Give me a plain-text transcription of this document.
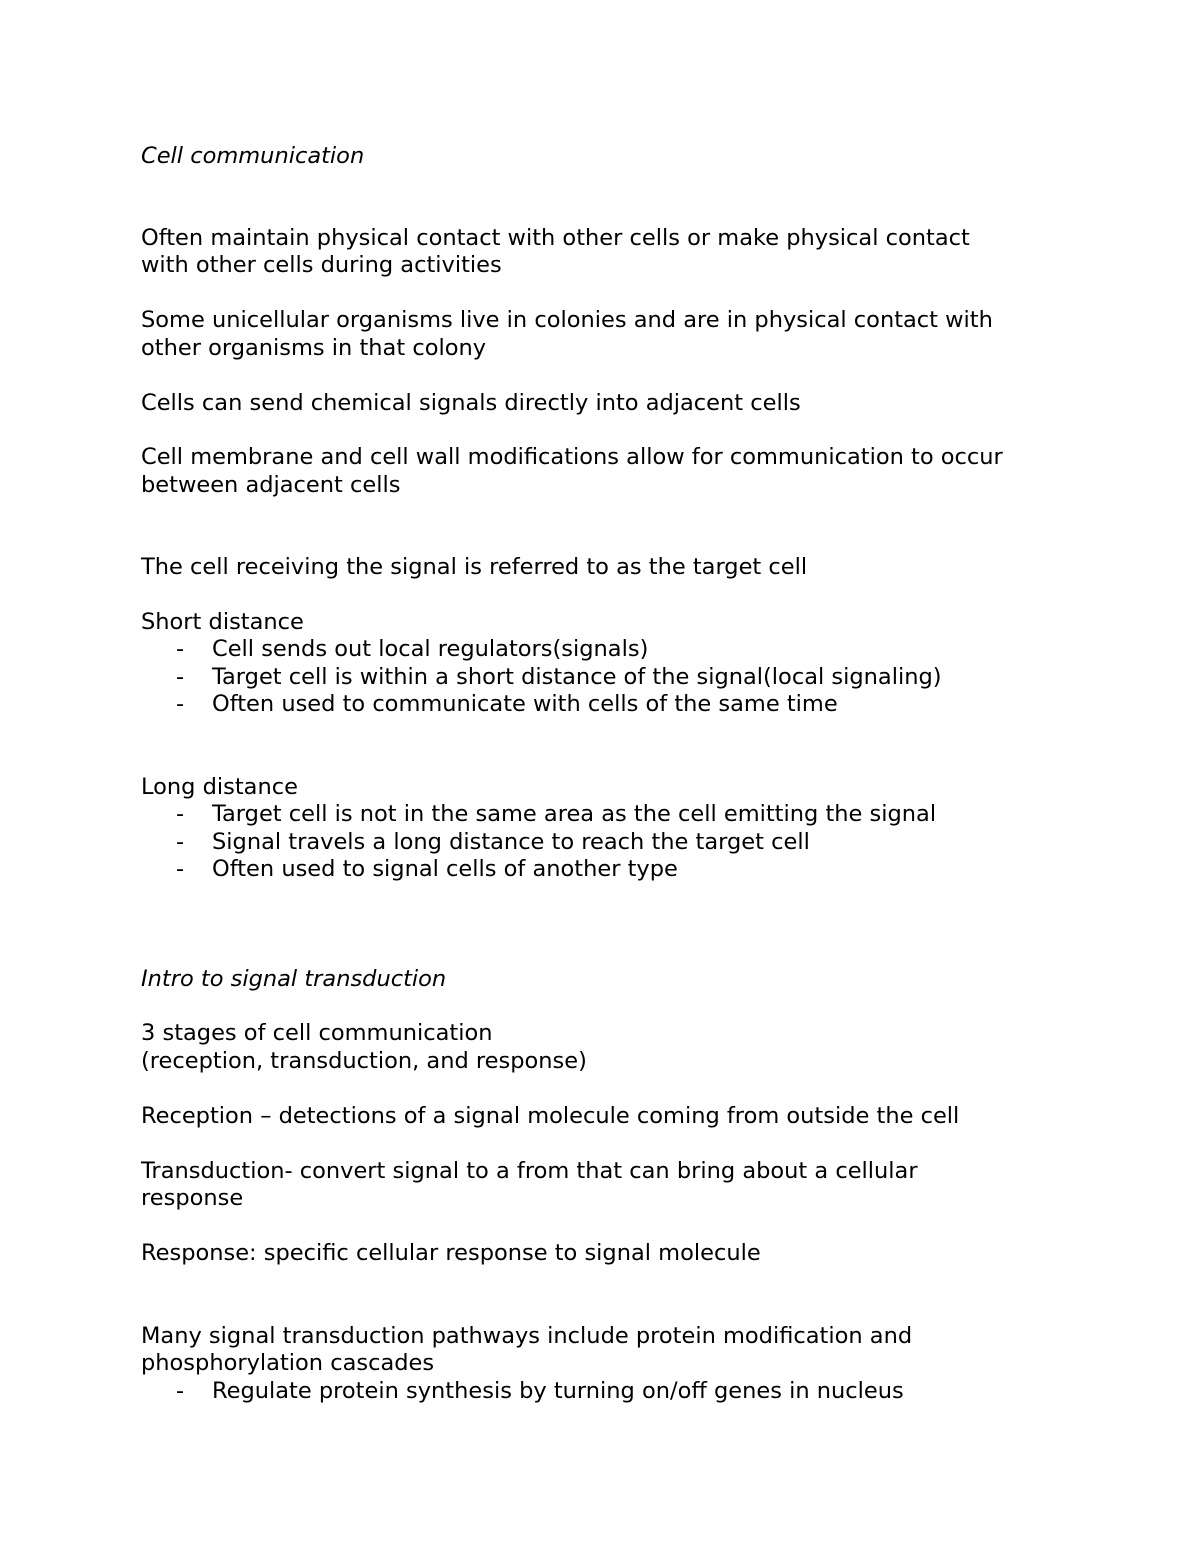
Cell communication
Often maintain physical contact with other cells or make physical contact
with other cells during activities
Some unicellular organisms live in colonies and are in physical contact with
other organisms in that colony
Cells can send chemical signals directly into adjacent cells
Cell membrane and cell wall modifications allow for communication to occur
between adjacent cells
The cell receiving the signal is referred to as the target cell
Short distance
- Cell sends out local regulators(signals)
- Target cell is within a short distance of the signal(local signaling)
- Often used to communicate with cells of the same time
Long distance
- Target cell is not in the same area as the cell emitting the signal
- Signal travels a long distance to reach the target cell
- Often used to signal cells of another type
Intro to signal transduction
3 stages of cell communication
(reception, transduction, and response)
Reception – detections of a signal molecule coming from outside the cell
Transduction- convert signal to a from that can bring about a cellular
response
Response: specific cellular response to signal molecule
Many signal transduction pathways include protein modification and
phosphorylation cascades
- Regulate protein synthesis by turning on/off genes in nucleus
